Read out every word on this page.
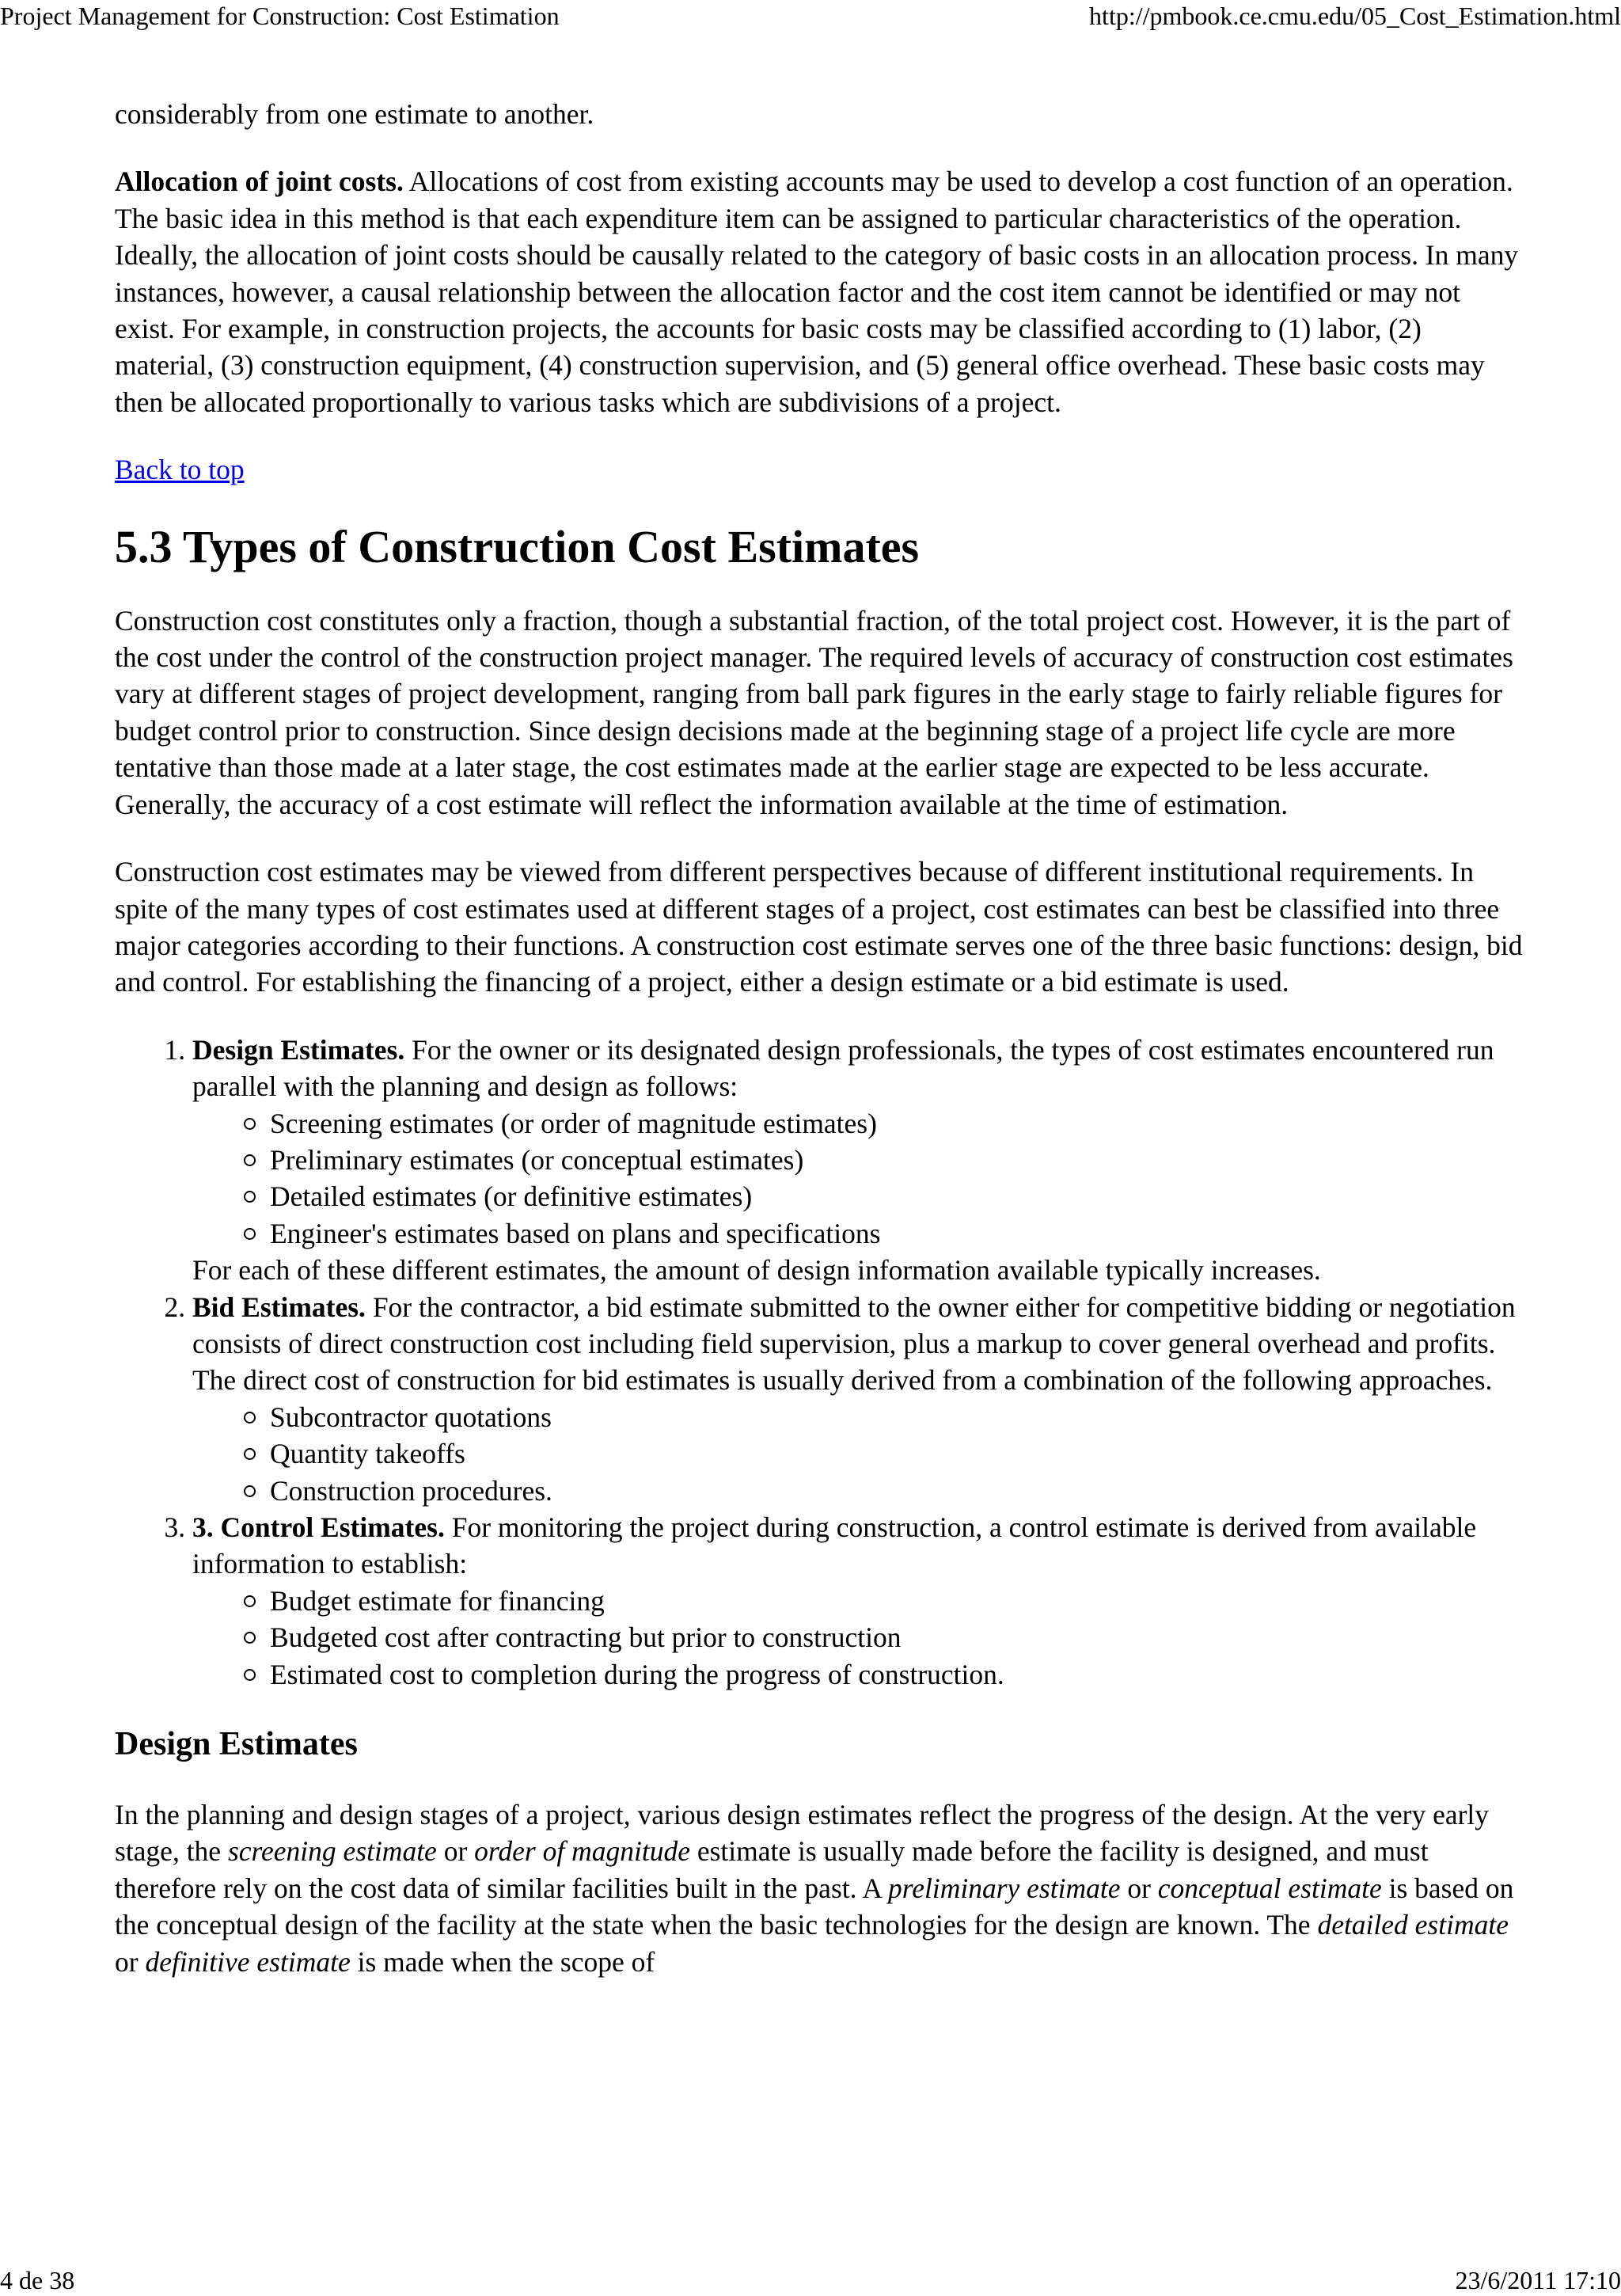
Project Management for Construction: Cost Estimation	http://pmbook.ce.cmu.edu/05_Cost_Estimation.html

considerably from one estimate to another.

Allocation of joint costs. Allocations of cost from existing accounts may be used to develop a cost function of an operation. The basic idea in this method is that each expenditure item can be assigned to particular characteristics of the operation. Ideally, the allocation of joint costs should be causally related to the category of basic costs in an allocation process. In many instances, however, a causal relationship between the allocation factor and the cost item cannot be identified or may not exist. For example, in construction projects, the accounts for basic costs may be classified according to (1) labor, (2) material, (3) construction equipment, (4) construction supervision, and (5) general office overhead. These basic costs may then be allocated proportionally to various tasks which are subdivisions of a project.

Back to top

5.3 Types of Construction Cost Estimates

Construction cost constitutes only a fraction, though a substantial fraction, of the total project cost. However, it is the part of the cost under the control of the construction project manager. The required levels of accuracy of construction cost estimates vary at different stages of project development, ranging from ball park figures in the early stage to fairly reliable figures for budget control prior to construction. Since design decisions made at the beginning stage of a project life cycle are more tentative than those made at a later stage, the cost estimates made at the earlier stage are expected to be less accurate. Generally, the accuracy of a cost estimate will reflect the information available at the time of estimation.

Construction cost estimates may be viewed from different perspectives because of different institutional requirements. In spite of the many types of cost estimates used at different stages of a project, cost estimates can best be classified into three major categories according to their functions. A construction cost estimate serves one of the three basic functions: design, bid and control. For establishing the financing of a project, either a design estimate or a bid estimate is used.

1. Design Estimates. For the owner or its designated design professionals, the types of cost estimates encountered run parallel with the planning and design as follows:
Screening estimates (or order of magnitude estimates)
Preliminary estimates (or conceptual estimates)
Detailed estimates (or definitive estimates)
Engineer's estimates based on plans and specifications
For each of these different estimates, the amount of design information available typically increases.
2. Bid Estimates. For the contractor, a bid estimate submitted to the owner either for competitive bidding or negotiation consists of direct construction cost including field supervision, plus a markup to cover general overhead and profits. The direct cost of construction for bid estimates is usually derived from a combination of the following approaches.
Subcontractor quotations
Quantity takeoffs
Construction procedures.
3. 3. Control Estimates. For monitoring the project during construction, a control estimate is derived from available information to establish:
Budget estimate for financing
Budgeted cost after contracting but prior to construction
Estimated cost to completion during the progress of construction.
Design Estimates

In the planning and design stages of a project, various design estimates reflect the progress of the design. At the very early stage, the screening estimate or order of magnitude estimate is usually made before the facility is designed, and must therefore rely on the cost data of similar facilities built in the past. A preliminary estimate or conceptual estimate is based on the conceptual design of the facility at the state when the basic technologies for the design are known. The detailed estimate or definitive estimate is made when the scope of

4 de 38	23/6/2011 17:10
